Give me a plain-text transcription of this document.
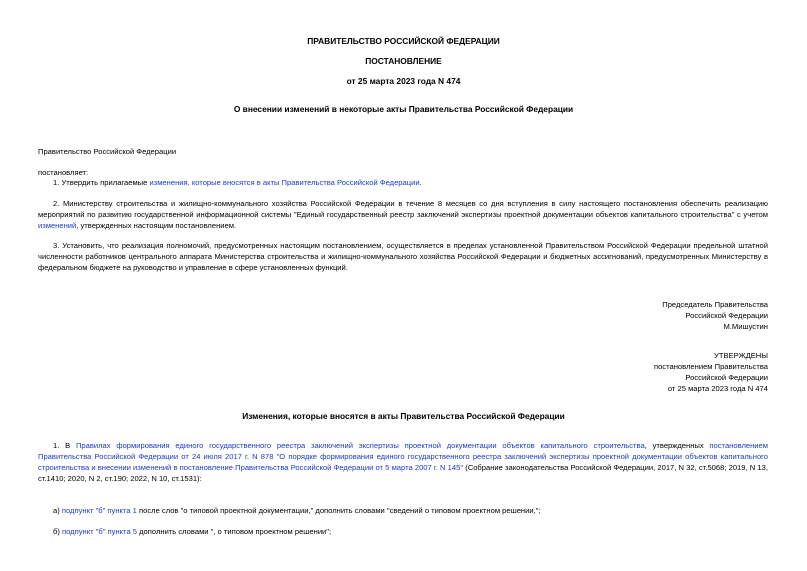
ПРАВИТЕЛЬСТВО РОССИЙСКОЙ ФЕДЕРАЦИИ
ПОСТАНОВЛЕНИЕ
от 25 марта 2023 года N 474
О внесении изменений в некоторые акты Правительства Российской Федерации
Правительство Российской Федерации
постановляет:
1. Утвердить прилагаемые изменения, которые вносятся в акты Правительства Российской Федерации.
2. Министерству строительства и жилищно-коммунального хозяйства Российской Федерации в течение 8 месяцев со дня вступления в силу настоящего постановления обеспечить реализацию мероприятий по развитию государственной информационной системы "Единый государственный реестр заключений экспертизы проектной документации объектов капитального строительства" с учетом изменений, утвержденных настоящим постановлением.
3. Установить, что реализация полномочий, предусмотренных настоящим постановлением, осуществляется в пределах установленной Правительством Российской Федерации предельной штатной численности работников центрального аппарата Министерства строительства и жилищно-коммунального хозяйства Российской Федерации и бюджетных ассигнований, предусмотренных Министерству в федеральном бюджете на руководство и управление в сфере установленных функций.
Председатель Правительства
Российской Федерации
М.Мишустин
УТВЕРЖДЕНЫ
постановлением Правительства
Российской Федерации
от 25 марта 2023 года N 474
Изменения, которые вносятся в акты Правительства Российской Федерации
1. В Правилах формирования единого государственного реестра заключений экспертизы проектной документации объектов капитального строительства, утвержденных постановлением Правительства Российской Федерации от 24 июля 2017 г. N 878 "О порядке формирования единого государственного реестра заключений экспертизы проектной документации объектов капитального строительства и внесении изменений в постановление Правительства Российской Федерации от 5 марта 2007 г. N 145" (Собрание законодательства Российской Федерации, 2017, N 32, ст.5068; 2019, N 13, ст.1410; 2020, N 2, ст.190; 2022, N 10, ст.1531):
а) подпункт "б" пункта 1 после слов "о типовой проектной документации," дополнить словами "сведений о типовом проектном решении,";
б) подпункт "б" пункта 5 дополнить словами ", о типовом проектном решении";
